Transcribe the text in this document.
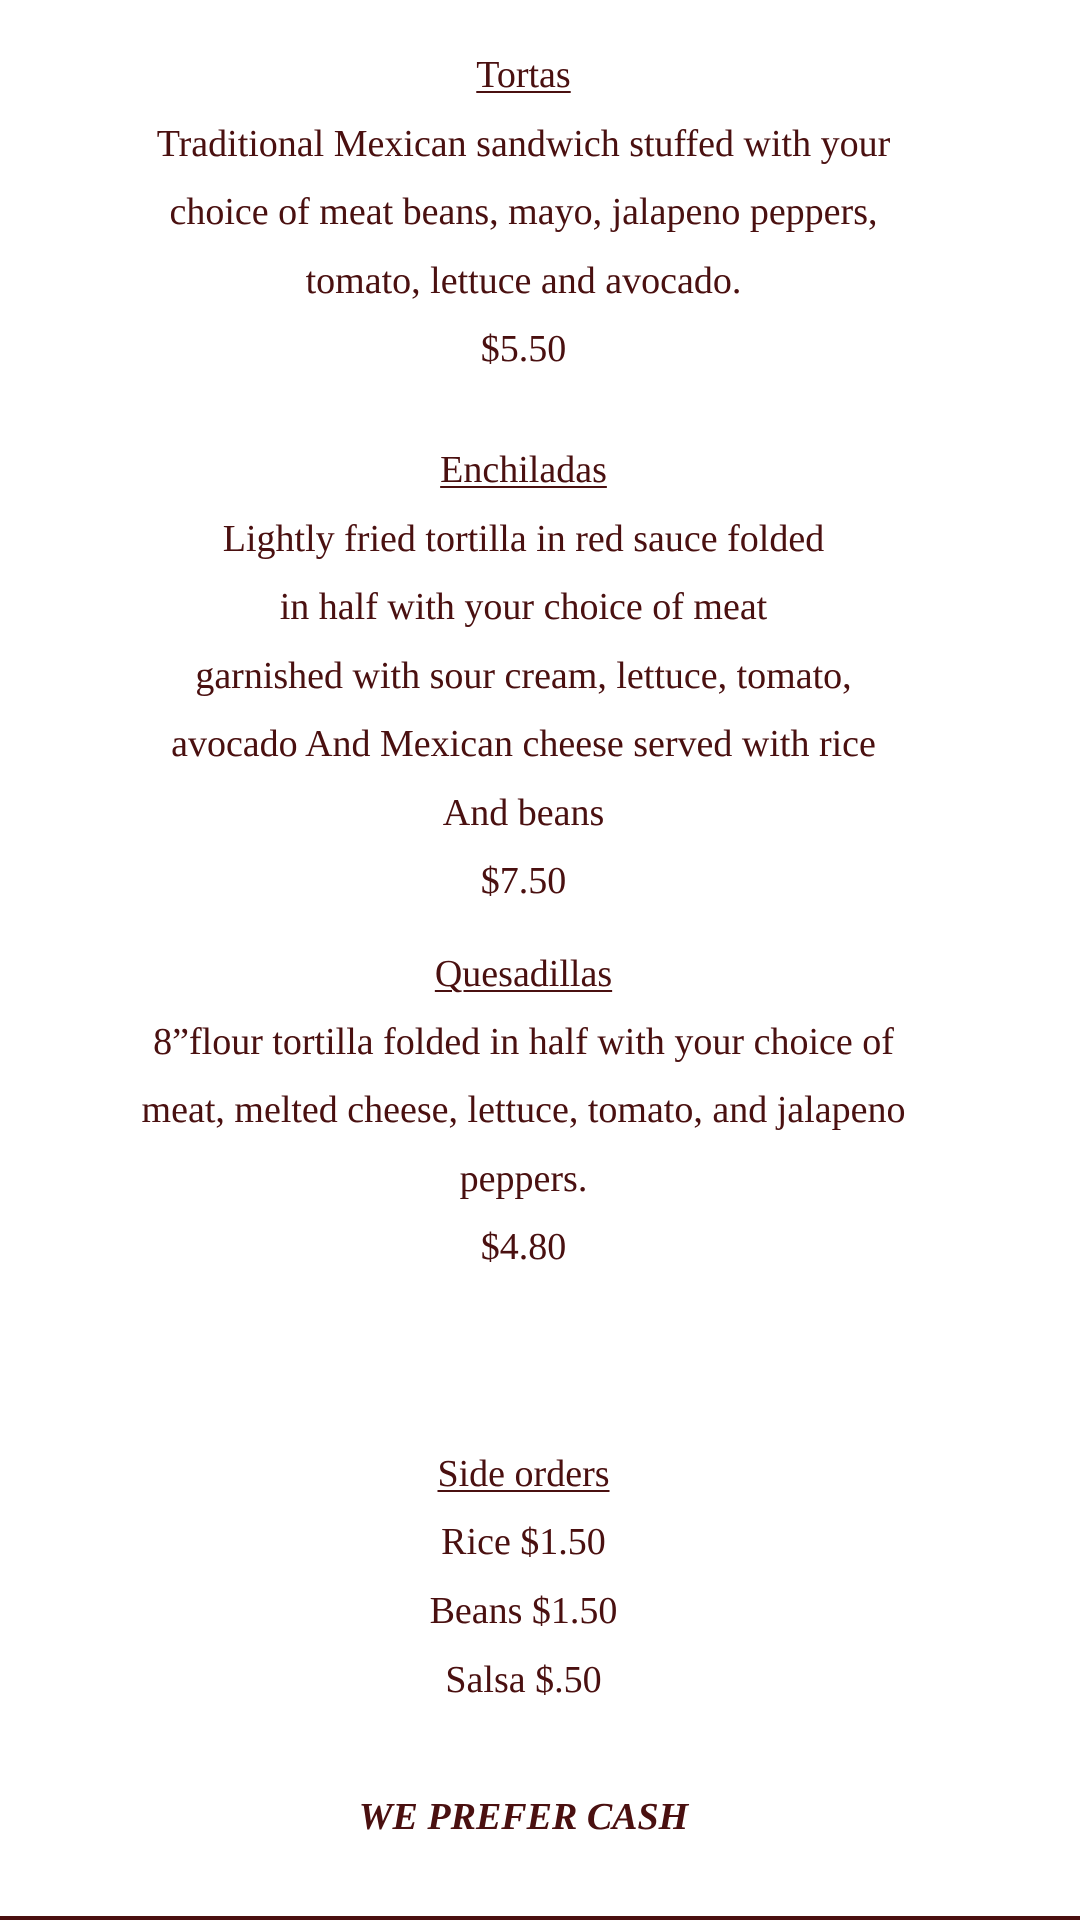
Tortas
Traditional Mexican sandwich stuffed with your
choice of meat beans, mayo, jalapeno peppers,
tomato, lettuce and avocado.
$5.50
Enchiladas
Lightly fried tortilla in red sauce folded
in half with your choice of meat
garnished with sour cream, lettuce, tomato,
avocado And Mexican cheese served with rice
And beans
$7.50
Quesadillas
8”flour tortilla folded in half with your choice of
meat, melted cheese, lettuce, tomato, and jalapeno
peppers.
$4.80
Side orders
Rice $1.50
Beans $1.50
Salsa $.50
WE PREFER CASH
